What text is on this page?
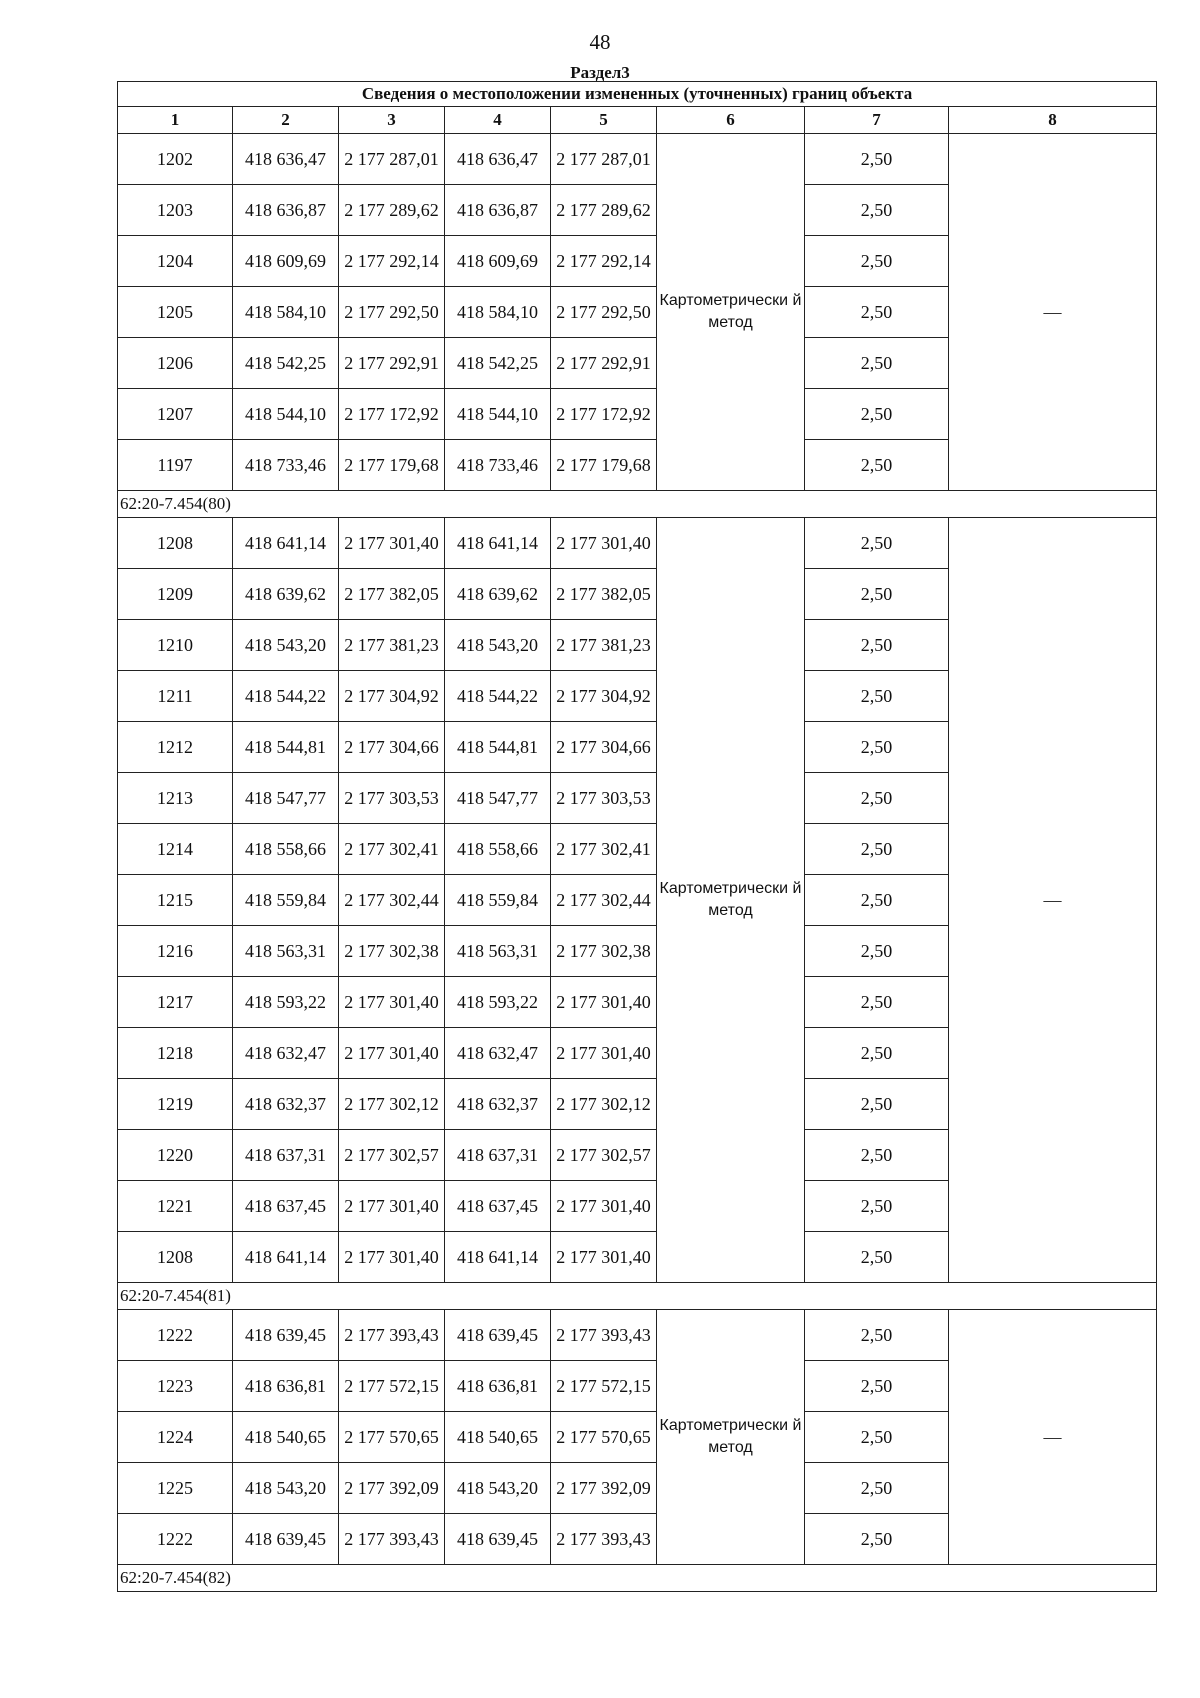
48
Раздел3
Сведения о местоположении измененных (уточненных) границ объекта							
1	2	3	4	5	6	7	8
1202	418 636,47	2 177 287,01	418 636,47	2 177 287,01	Картометрически й метод	2,50	—
1203	418 636,87	2 177 289,62	418 636,87	2 177 289,62		2,50	
1204	418 609,69	2 177 292,14	418 609,69	2 177 292,14		2,50	
1205	418 584,10	2 177 292,50	418 584,10	2 177 292,50		2,50	
1206	418 542,25	2 177 292,91	418 542,25	2 177 292,91		2,50	
1207	418 544,10	2 177 172,92	418 544,10	2 177 172,92		2,50	
1197	418 733,46	2 177 179,68	418 733,46	2 177 179,68		2,50	
62:20-7.454(80)							
1208	418 641,14	2 177 301,40	418 641,14	2 177 301,40	Картометрически й метод	2,50	—
1209	418 639,62	2 177 382,05	418 639,62	2 177 382,05		2,50	
1210	418 543,20	2 177 381,23	418 543,20	2 177 381,23		2,50	
1211	418 544,22	2 177 304,92	418 544,22	2 177 304,92		2,50	
1212	418 544,81	2 177 304,66	418 544,81	2 177 304,66		2,50	
1213	418 547,77	2 177 303,53	418 547,77	2 177 303,53		2,50	
1214	418 558,66	2 177 302,41	418 558,66	2 177 302,41		2,50	
1215	418 559,84	2 177 302,44	418 559,84	2 177 302,44		2,50	
1216	418 563,31	2 177 302,38	418 563,31	2 177 302,38		2,50	
1217	418 593,22	2 177 301,40	418 593,22	2 177 301,40		2,50	
1218	418 632,47	2 177 301,40	418 632,47	2 177 301,40		2,50	
1219	418 632,37	2 177 302,12	418 632,37	2 177 302,12		2,50	
1220	418 637,31	2 177 302,57	418 637,31	2 177 302,57		2,50	
1221	418 637,45	2 177 301,40	418 637,45	2 177 301,40		2,50	
1208	418 641,14	2 177 301,40	418 641,14	2 177 301,40		2,50	
62:20-7.454(81)							
1222	418 639,45	2 177 393,43	418 639,45	2 177 393,43	Картометрически й метод	2,50	—
1223	418 636,81	2 177 572,15	418 636,81	2 177 572,15		2,50	
1224	418 540,65	2 177 570,65	418 540,65	2 177 570,65		2,50	
1225	418 543,20	2 177 392,09	418 543,20	2 177 392,09		2,50	
1222	418 639,45	2 177 393,43	418 639,45	2 177 393,43		2,50	
62:20-7.454(82)							
